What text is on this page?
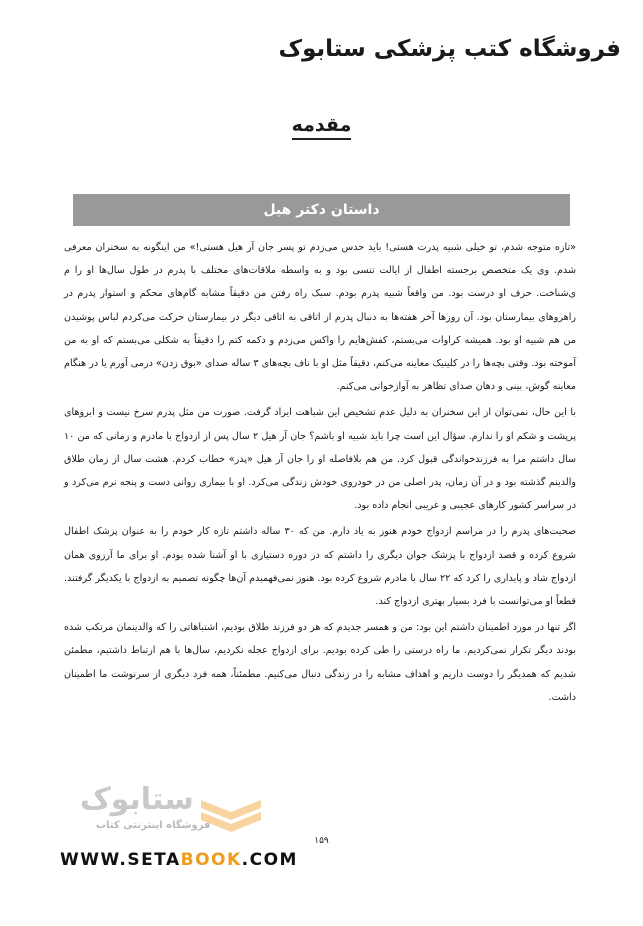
فروشگاه کتب پزشکی ستابوک
مقدمه
داستان دکتر هیل

«تازه متوجه شدم، تو خیلی شبیه پدرت هستی! باید حدس می‌زدم تو پسر جان آر هیل هستی!» من اینگونه به سخنران معرفی شدم. وی یک متخصص برجسته اطفال از ایالت تنسی بود و به واسطه ملاقات‌های مختلف با پدرم در طول سال‌ها او را م ی‌شناخت. حرف او درست بود. من واقعاً شبیه پدرم بودم. سبک راه رفتن من دقیقاً مشابه گام‌های محکم و استوار پدرم در راهروهای بیمارستان بود. آن روزها آخر هفته‌ها به دنبال پدرم از اتاقی به اتاقی دیگر در بیمارستان حرکت می‌کردم لباس پوشیدن من هم شبیه او بود. همیشه کراوات می‌بستم، کفش‌هایم را واکس می‌زدم و دکمه کتم را دقیقاً به شکلی می‌بستم که او به من آموخته بود. وقتی بچه‌ها را در کلینیک معاینه می‌کنم، دقیقاً مثل او با ناف بچه‌های ۳ ساله صدای «بوق زدن» درمی آورم یا در هنگام معاینه گوش، بینی و دهان صدای تظاهر به آوازخوانی می‌کنم.

با این حال، نمی‌توان از این سخنران به دلیل عدم تشخیص این شباهت ایراد گرفت. صورت من مثل پدرم سرخ نیست و ابروهای پرپشت و شکم او را ندارم. سؤال این است چرا باید شبیه او باشم؟ جان آر هیل ۲ سال پس از ازدواج با مادرم و زمانی که من ۱۰ سال داشتم مرا به فرزندخواندگی قبول کرد. من هم بلافاصله او را جان آر هیل «پدر» خطاب کردم. هشت سال از زمان طلاق والدینم گذشته بود و در آن زمان، پدر اصلی من در خودروی خودش زندگی می‌کرد. او با بیماری روانی دست و پنجه نرم می‌کرد و در سراسر کشور کارهای عجیبی و غریبی انجام داده بود.

صحبت‌های پدرم را در مراسم ازدواج خودم هنوز به یاد دارم. من که ۳۰ ساله داشتم تازه کار خودم را به عنوان پزشک اطفال شروع کرده و قصد ازدواج با پزشک جوان دیگری را داشتم که در دوره دستیاری با او آشنا شده بودم. او برای ما آرزوی همان ازدواج شاد و پایداری را کرد که ۲۲ سال با مادرم شروع کرده بود. هنوز نمی‌فهمیدم آن‌ها چگونه تصمیم به ازدواج با یکدیگر گرفتند. قطعاً او می‌توانست با فرد بسیار بهتری ازدواج کند.

اگر تنها در مورد اطمینان داشتم این بود: من و همسر جدیدم که هر دو فرزند طلاق بودیم، اشتباهاتی را که والدینمان مرتکب شده بودند دیگر تکرار نمی‌کردیم. ما راه درستی را طی کرده بودیم. برای ازدواج عجله نکردیم، سال‌ها با هم ارتباط داشتیم، مطمئن شدیم که همدیگر را دوست داریم و اهداف مشابه را در زندگی دنبال می‌کنیم. مطمئناً، همه فرد دیگری از سرنوشت ما اطمینان داشت.

ستابوک
فروشگاه اینترنتی کتاب
۱۵۹
WWW.SETABOOK.COM
